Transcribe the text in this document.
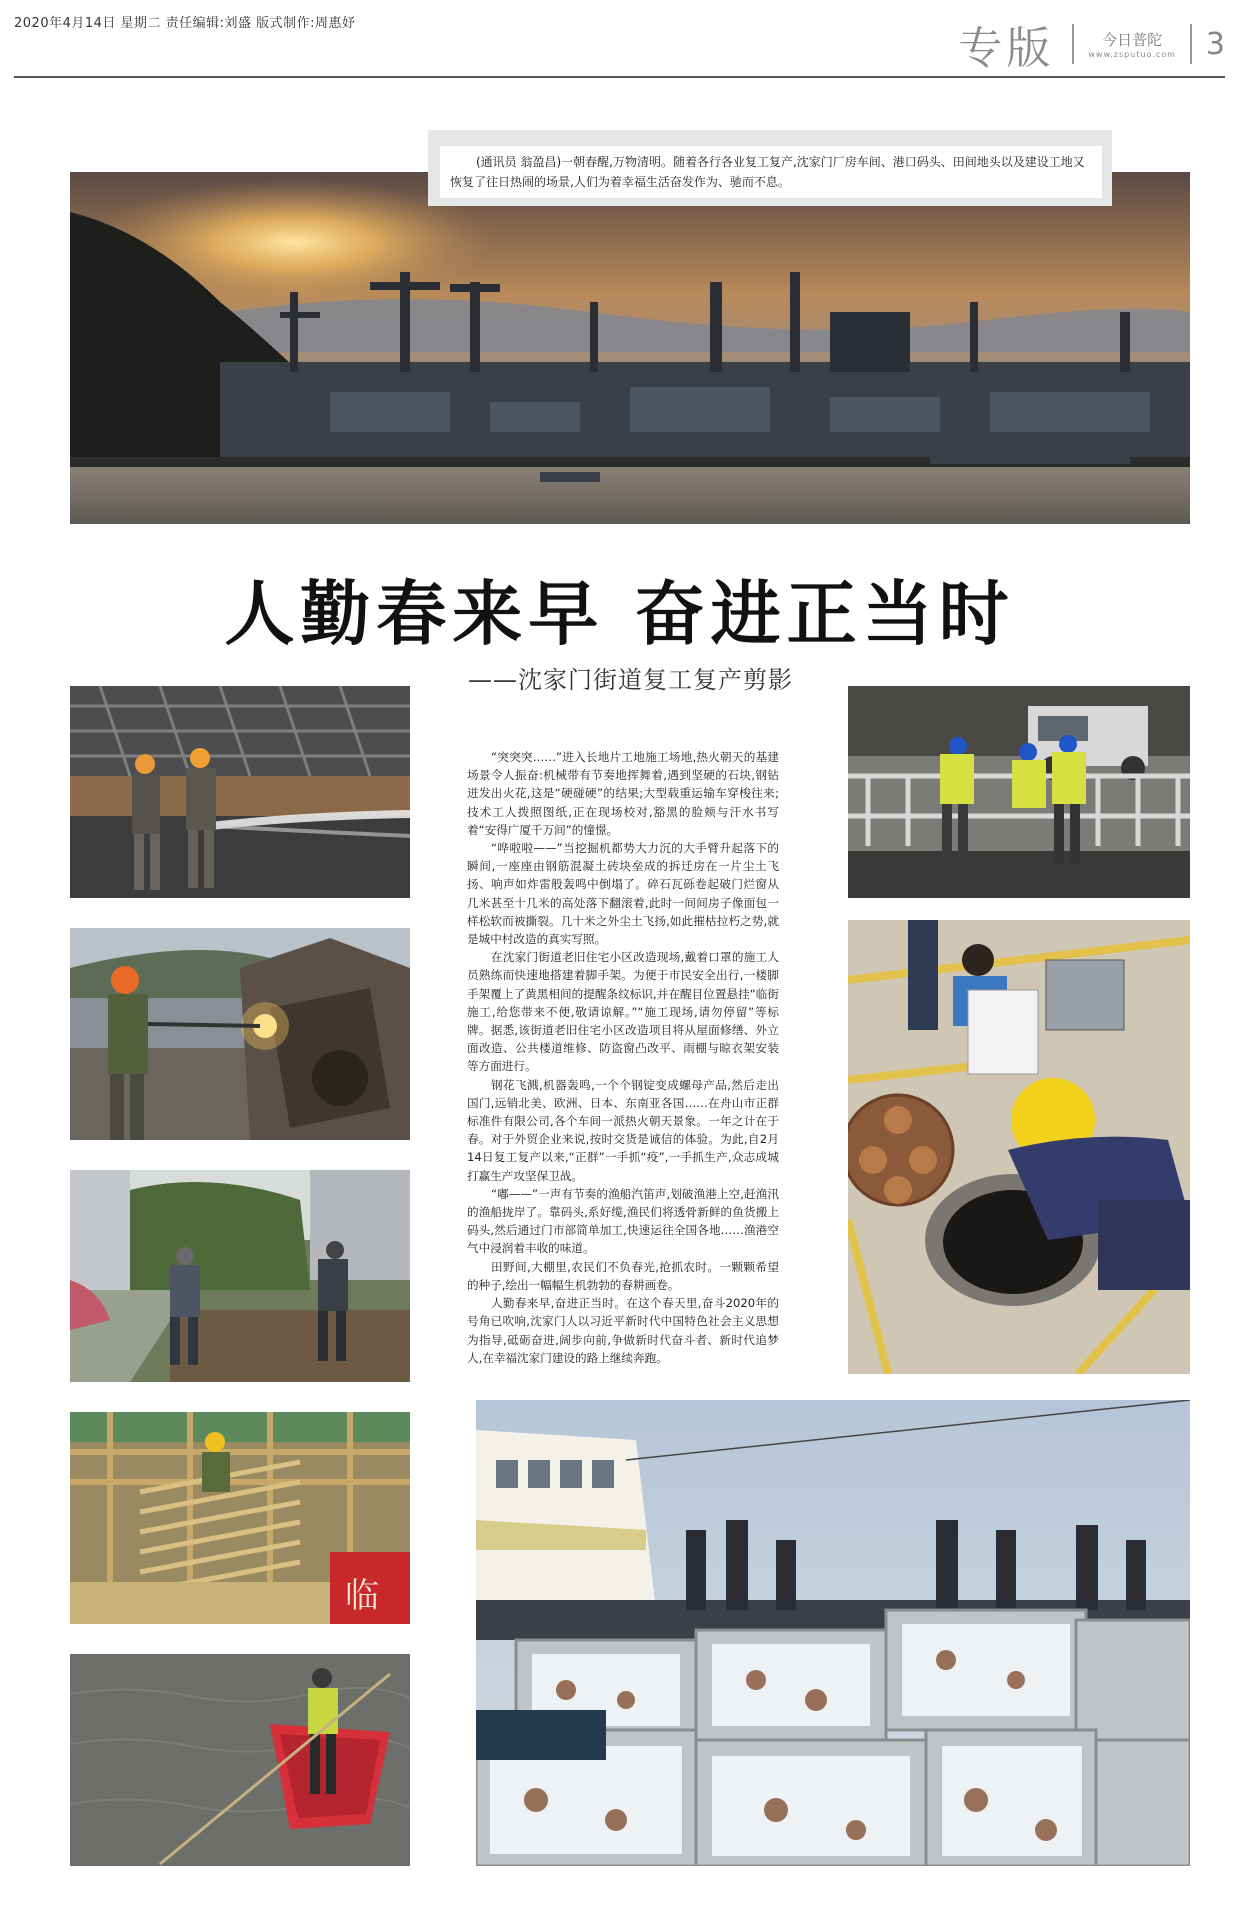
2020年4月14日 星期二 责任编辑:刘盛 版式制作:周惠妤	专版	今日普陀
www.zsputuo.com 3
(通讯员 翁盈昌)一朝春醒,万物清明。随着各行各业复工复产,沈家门厂房车间、港口码头、田间地头以及建设工地又恢复了往日热闹的场景,人们为着幸福生活奋发作为、驰而不息。
人勤春来早 奋进正当时
——沈家门街道复工复产剪影
临

“突突突……”进入长地片工地施工场地,热火朝天的基建场景令人振奋:机械带有节奏地挥舞着,遇到坚硬的石块,钢钻迸发出火花,这是“硬碰硬”的结果;大型载重运输车穿梭往来;技术工人拨照图纸,正在现场校对,豁黑的脸颊与汗水书写着“安得广厦千万间”的憧憬。

“哗啦啦——”当挖掘机都势大力沉的大手臂升起落下的瞬间,一座座由钢筋混凝土砖块垒成的拆迁房在一片尘土飞扬、响声如炸雷般轰鸣中倒塌了。碎石瓦砾卷起破门烂窗从几米甚至十几米的高处落下翻滚着,此时一间间房子像面包一样松软而被撕裂。几十米之外尘土飞扬,如此摧枯拉朽之势,就是城中村改造的真实写照。

在沈家门街道老旧住宅小区改造现场,戴着口罩的施工人员熟练而快速地搭建着脚手架。为便于市民安全出行,一楼脚手架覆上了黄黑相间的提醒条纹标识,并在醒目位置悬挂“临街施工,给您带来不便,敬请谅解。”“施工现场,请勿停留”等标牌。据悉,该街道老旧住宅小区改造项目将从屋面修缮、外立面改造、公共楼道维修、防盗窗凸改平、雨棚与晾衣架安装等方面进行。

钢花飞溅,机器轰鸣,一个个钢锭变成螺母产品,然后走出国门,远销北美、欧洲、日本、东南亚各国……在舟山市正群标准件有限公司,各个车间一派热火朝天景象。一年之计在于春。对于外贸企业来说,按时交货是诚信的体验。为此,自2月14日复工复产以来,“正群”一手抓“疫”,一手抓生产,众志成城打赢生产攻坚保卫战。

“嘟——”一声有节奏的渔船汽笛声,划破渔港上空,赶渔汛的渔船拢岸了。靠码头,系好缆,渔民们将透骨新鲜的鱼货搬上码头,然后通过门市部简单加工,快速运往全国各地……渔港空气中浸润着丰收的味道。

田野间,大棚里,农民们不负春光,抢抓农时。一颗颗希望的种子,绘出一幅幅生机勃勃的春耕画卷。

人勤春来早,奋进正当时。在这个春天里,奋斗2020年的号角已吹响,沈家门人以习近平新时代中国特色社会主义思想为指导,砥砺奋进,阔步向前,争做新时代奋斗者、新时代追梦人,在幸福沈家门建设的路上继续奔跑。
